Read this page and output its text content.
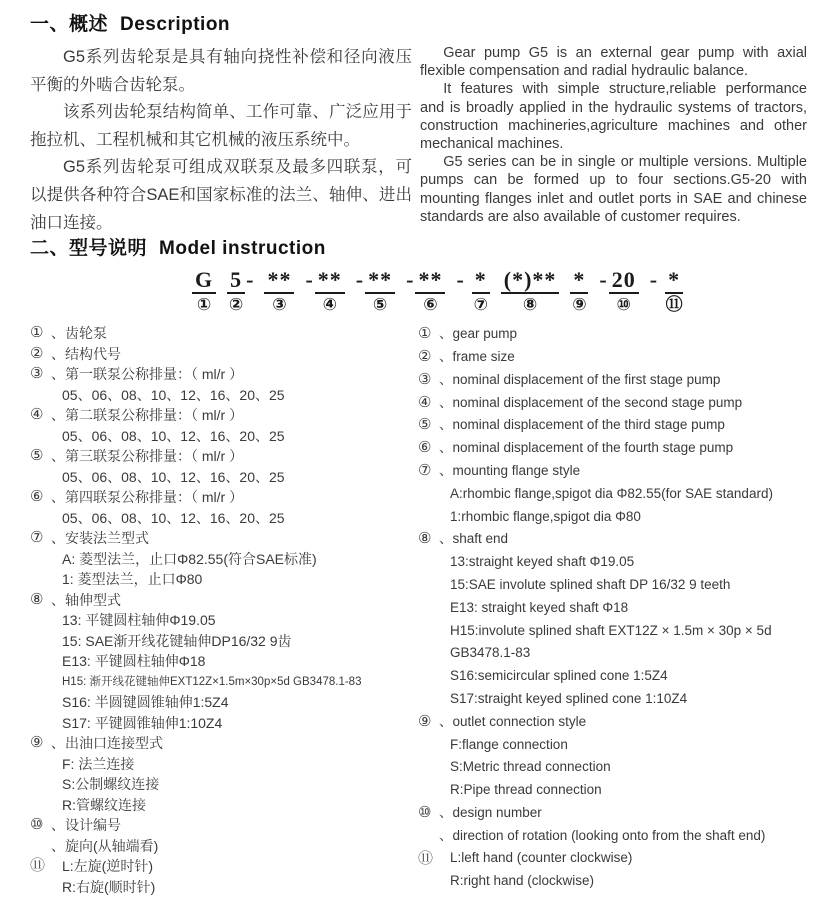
一、概述 Description

G5系列齿轮泵是具有轴向挠性补偿和径向液压平衡的外啮合齿轮泵。

该系列齿轮泵结构简单、工作可靠、广泛应用于拖拉机、工程机械和其它机械的液压系统中。

G5系列齿轮泵可组成双联泵及最多四联泵，可以提供各种符合SAE和国家标准的法兰、轴伸、进出油口连接。

Gear pump G5 is an external gear pump with axial flexible compensation and radial hydraulic balance.

It features with simple structure,reliable performance and is broadly applied in the hydraulic systems of tractors, construction machineries,agriculture machines and other mechanical machines.

G5 series can be in single or multiple versions. Multiple pumps can be formed up to four sections.G5-20 with mounting flanges inlet and outlet ports in SAE and chinese standards are also available of customer requires.

二、型号说明 Model instruction
G
①
5
②
- **
③
- **
④
- **
⑤
- **
⑥
- *
⑦
(*)**
⑧
*
⑨
- 20
⑩
- *
⑪
① 、齿轮泵
② 、结构代号
③ 、第一联泵公称排量：（ ml/r ）
05、06、08、10、12、16、20、25
④ 、第二联泵公称排量：（ ml/r ）
05、06、08、10、12、16、20、25
⑤ 、第三联泵公称排量：（ ml/r ）
05、06、08、10、12、16、20、25
⑥ 、第四联泵公称排量：（ ml/r ）
05、06、08、10、12、16、20、25
⑦ 、安装法兰型式
A: 菱型法兰，止口Φ82.55(符合SAE标准)
1: 菱型法兰，止口Φ80
⑧ 、轴伸型式
13: 平键圆柱轴伸Φ19.05
15: SAE渐开线花键轴伸DP16/32 9齿
E13: 平键圆柱轴伸Φ18
H15: 渐开线花键轴伸EXT12Z×1.5m×30p×5d GB3478.1-83
S16: 半圆键圆锥轴伸1:5Z4
S17: 平键圆锥轴伸1:10Z4
⑨ 、出油口连接型式
F: 法兰连接
S:公制螺纹连接
R:管螺纹连接
⑩ 、设计编号
⑪
、旋向(从轴端看)
L:左旋(逆时针)
R:右旋(顺时针)
① 、gear pump
② 、frame size
③ 、nominal displacement of the first stage pump
④ 、nominal displacement of the second stage pump
⑤ 、nominal displacement of the third stage pump
⑥ 、nominal displacement of the fourth stage pump
⑦ 、mounting flange style
A:rhombic flange,spigot dia Φ82.55(for SAE standard)
1:rhombic flange,spigot dia Φ80
⑧ 、shaft end
13:straight keyed shaft Φ19.05
15:SAE involute splined shaft DP 16/32 9 teeth
E13: straight keyed shaft Φ18
H15:involute splined shaft EXT12Z × 1.5m × 30p × 5d
GB3478.1-83
S16:semicircular splined cone 1:5Z4
S17:straight keyed splined cone 1:10Z4
⑨ 、outlet connection style
F:flange connection
S:Metric thread connection
R:Pipe thread connection
⑩ 、design number
⑪
、direction of rotation (looking onto from the shaft end)
L:left hand (counter clockwise)
R:right hand (clockwise)
